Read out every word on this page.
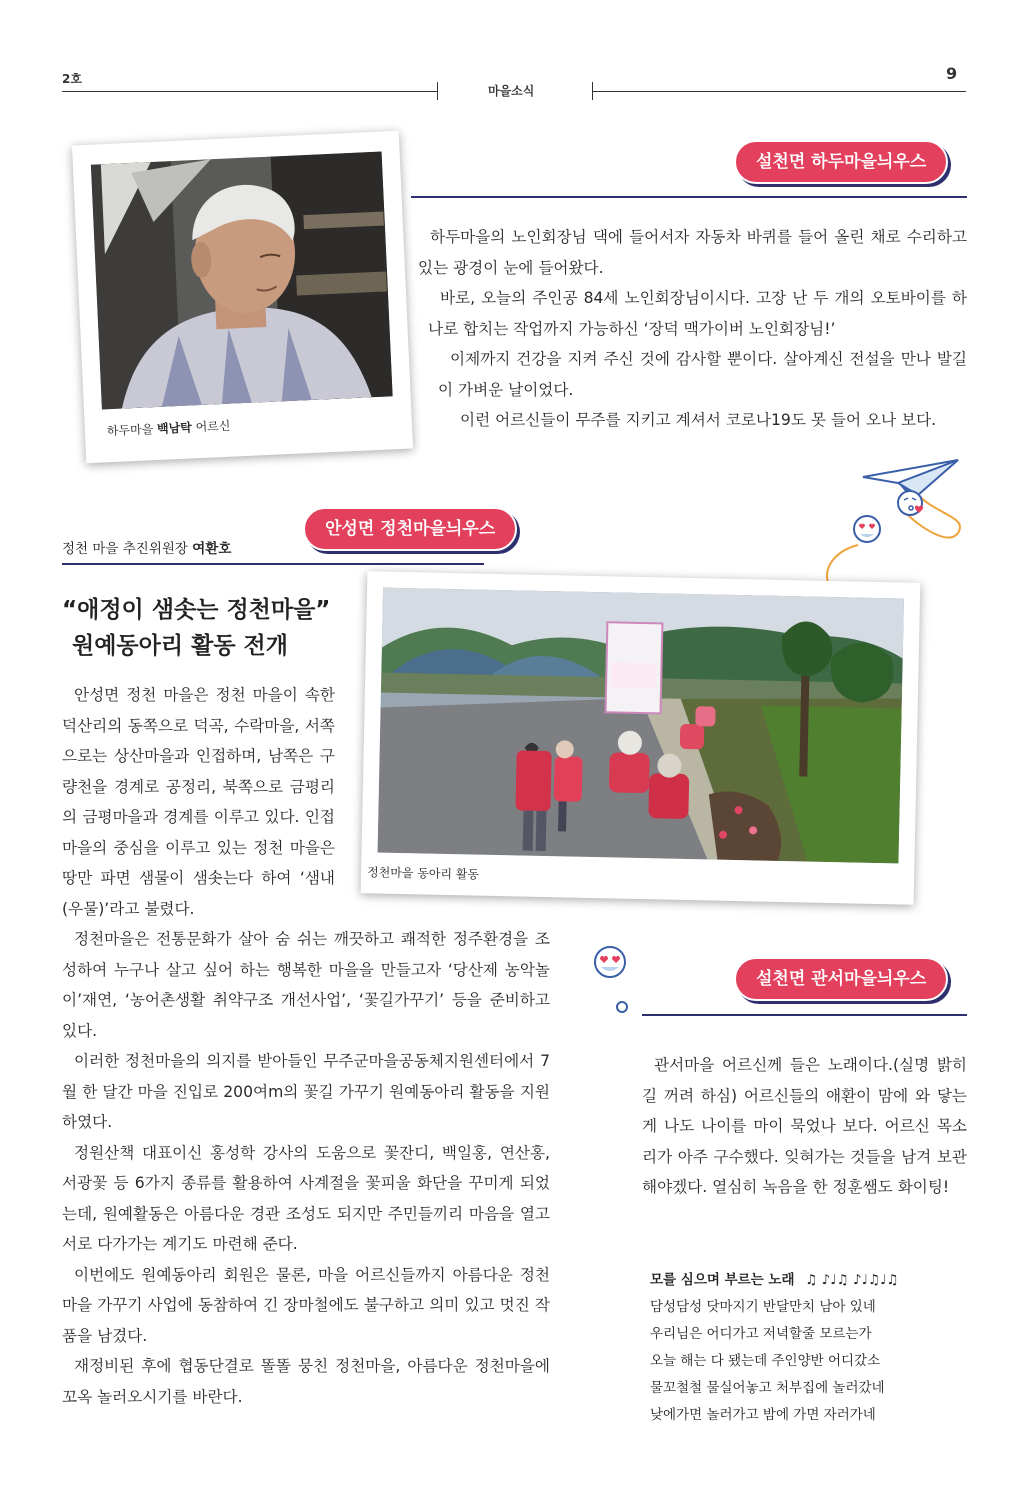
2호
마을소식
9
하두마을 백남탁 어르신
설천면 하두마을늬우스

하두마을의 노인회장님 댁에 들어서자 자동차 바퀴를 들어 올린 채로 수리하고 있는 광경이 눈에 들어왔다.

바로, 오늘의 주인공 84세 노인회장님이시다. 고장 난 두 개의 오토바이를 하나로 합치는 작업까지 가능하신 ‘장덕 맥가이버 노인회장님!’

이제까지 건강을 지켜 주신 것에 감사할 뿐이다. 살아계신 전설을 만나 발길이 가벼운 날이었다.

이런 어르신들이 무주를 지키고 계셔서 코로나19도 못 들어 오나 보다.

정천 마을 추진위원장 여환호
안성면 정천마을늬우스
“애정이 샘솟는 정천마을”
원예동아리 활동 전개
정천마을 동아리 활동

안성면 정천 마을은 정천 마을이 속한 덕산리의 동쪽으로 덕곡, 수락마을, 서쪽으로는 상산마을과 인접하며, 남쪽은 구량천을 경계로 공정리, 북쪽으로 금평리의 금평마을과 경계를 이루고 있다. 인접 마을의 중심을 이루고 있는 정천 마을은 땅만 파면 샘물이 샘솟는다 하여 ‘샘내(우물)’라고 불렸다.

정천마을은 전통문화가 살아 숨 쉬는 깨끗하고 쾌적한 정주환경을 조성하여 누구나 살고 싶어 하는 행복한 마을을 만들고자 ‘당산제 농악놀이’재연, ‘농어촌생활 취약구조 개선사업’, ‘꽃길가꾸기’ 등을 준비하고 있다.

이러한 정천마을의 의지를 받아들인 무주군마을공동체지원센터에서 7월 한 달간 마을 진입로 200여m의 꽃길 가꾸기 원예동아리 활동을 지원하였다.

정원산책 대표이신 홍성학 강사의 도움으로 꽃잔디, 백일홍, 연산홍, 서광꽃 등 6가지 종류를 활용하여 사계절을 꽃피울 화단을 꾸미게 되었는데, 원예활동은 아름다운 경관 조성도 되지만 주민들끼리 마음을 열고 서로 다가가는 계기도 마련해 준다.

이번에도 원예동아리 회원은 물론, 마을 어르신들까지 아름다운 정천마을 가꾸기 사업에 동참하여 긴 장마철에도 불구하고 의미 있고 멋진 작품을 남겼다.

재정비된 후에 협동단결로 똘똘 뭉친 정천마을, 아름다운 정천마을에 꼬옥 놀러오시기를 바란다.

설천면 관서마을늬우스

관서마을 어르신께 들은 노래이다.(실명 밝히길 꺼려 하심) 어르신들의 애환이 맘에 와 닿는 게 나도 나이를 마이 묵었나 보다. 어르신 목소리가 아주 구수했다. 잊혀가는 것들을 남겨 보관해야겠다. 열심히 녹음을 한 정훈쌤도 화이팅!

모를 심으며 부르는 노래 ♫ ♪♩♫ ♪♩♫♩♫
담성담성 닷마지기 반달만치 남아 있네
우리님은 어디가고 저녁할줄 모르는가
오늘 해는 다 됐는데 주인양반 어디갔소
물꼬철철 물실어놓고 처부집에 놀러갔네
낮에가면 놀러가고 밤에 가면 자러가네
